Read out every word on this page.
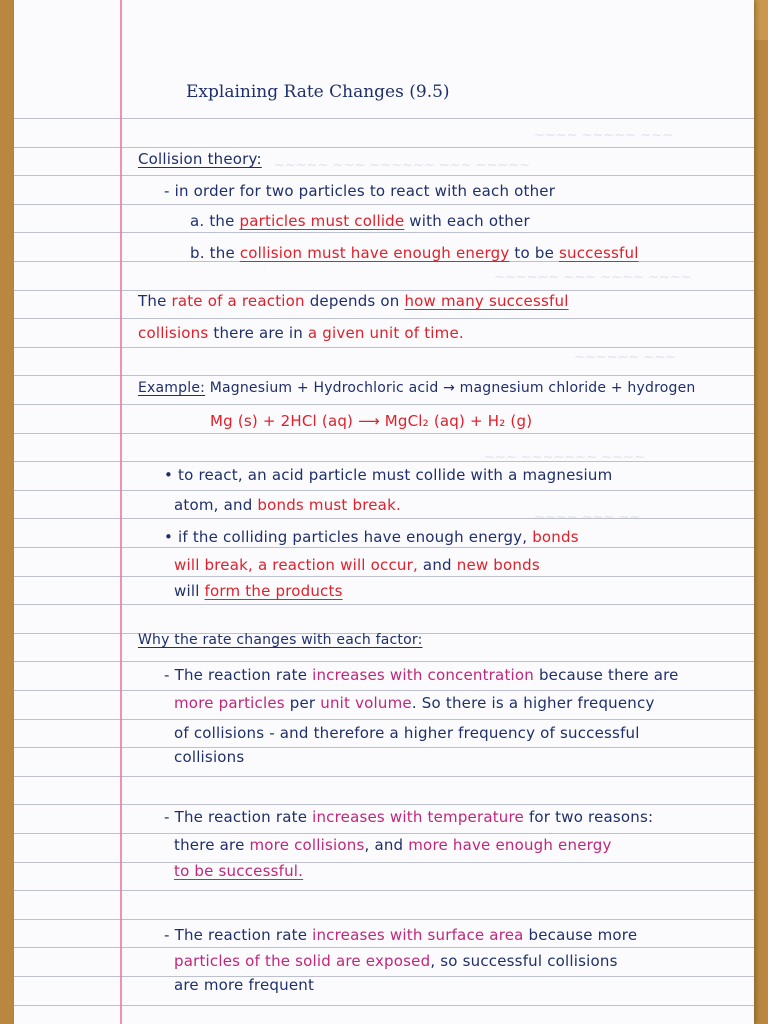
~~~~ ~~~~~ ~~~
~~~~~ ~~~ ~~~~~~ ~~~ ~~~~~
~~~~~~ ~~~ ~~~~ ~~~~
~~~~~~ ~~~
~~~ ~~~~~~~ ~~~~
~~~~ ~~~ ~~
Explaining Rate Changes (9.5)
Collision theory:
- in order for two particles to react with each other
a. the particles must collide with each other
b. the collision must have enough energy to be successful
The rate of a reaction depends on how many successful
collisions there are in a given unit of time.
Example: Magnesium + Hydrochloric acid → magnesium chloride + hydrogen
Mg (s) + 2HCl (aq) ⟶ MgCl₂ (aq) + H₂ (g)
• to react, an acid particle must collide with a magnesium
atom, and bonds must break.
• if the colliding particles have enough energy, bonds
will break, a reaction will occur, and new bonds
will form the products
Why the rate changes with each factor:
- The reaction rate increases with concentration because there are
more particles per unit volume. So there is a higher frequency
of collisions - and therefore a higher frequency of successful
collisions
- The reaction rate increases with temperature for two reasons:
there are more collisions, and more have enough energy
to be successful.
- The reaction rate increases with surface area because more
particles of the solid are exposed, so successful collisions
are more frequent
